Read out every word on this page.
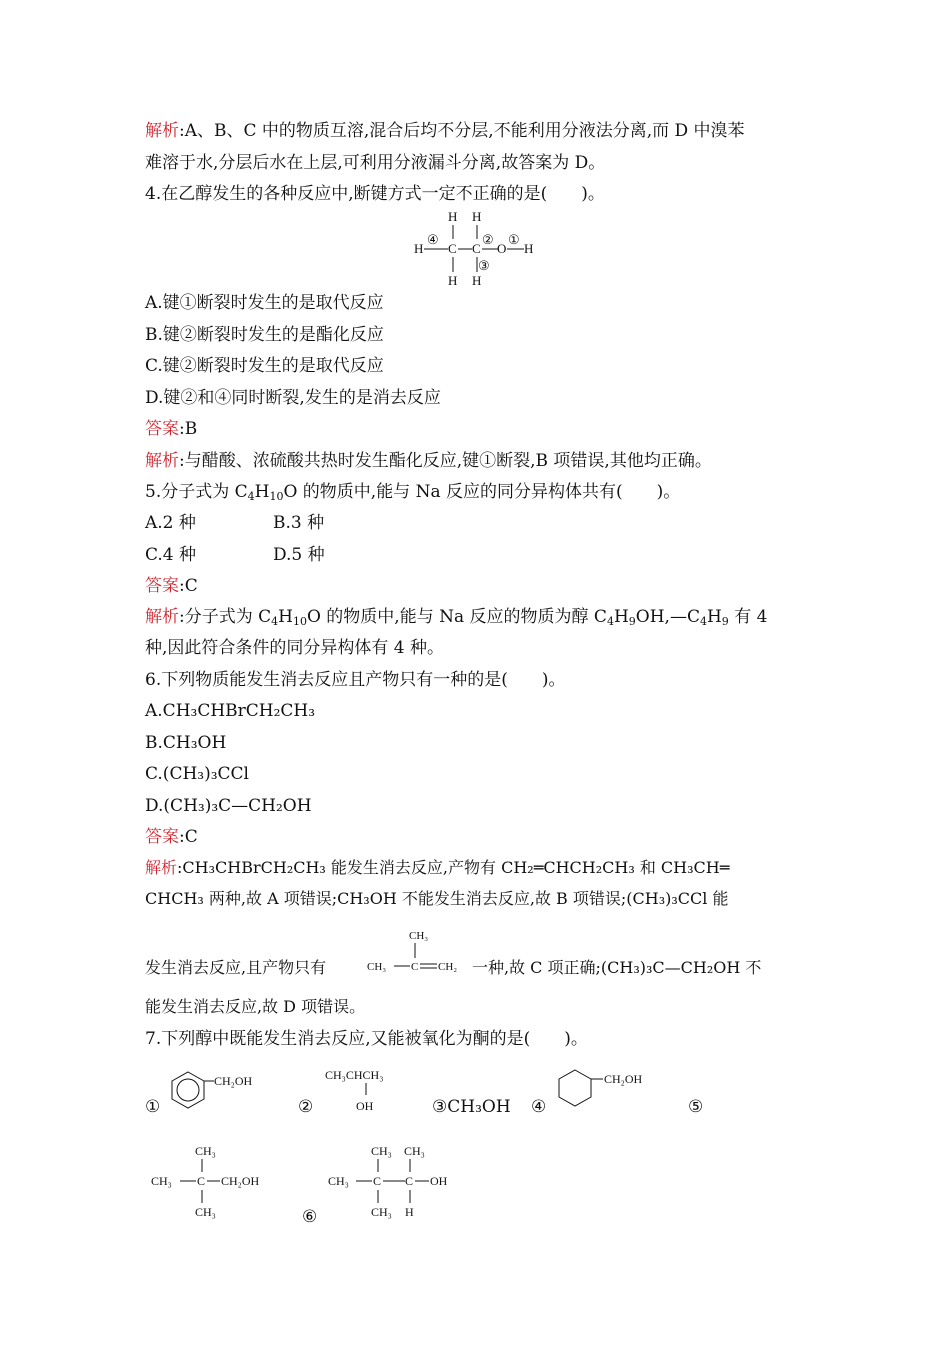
解析:A、B、C 中的物质互溶,混合后均不分层,不能利用分液法分离,而 D 中溴苯
难溶于水,分层后水在上层,可利用分液漏斗分离,故答案为 D。
4.在乙醇发生的各种反应中,断键方式一定不正确的是(　　)。
H H
H
④
C C
②
O
①
H
③
H H
A.键①断裂时发生的是取代反应
B.键②断裂时发生的是酯化反应
C.键②断裂时发生的是取代反应
D.键②和④同时断裂,发生的是消去反应
答案:B
解析:与醋酸、浓硫酸共热时发生酯化反应,键①断裂,B 项错误,其他均正确。
5.分子式为 $C_4H_{10}O$ 的物质中,能与 Na 反应的同分异构体共有(　　)。
A.2 种	B.3 种
C.4 种	D.5 种
答案:C
解析:分子式为 $C_4H_{10}O$ 的物质中,能与 Na 反应的物质为醇 $C_4H_9OH,—C_4H_9$ 有 4
种,因此符合条件的同分异构体有 4 种。
6.下列物质能发生消去反应且产物只有一种的是(　　)。
A.CH₃CHBrCH₂CH₃
B.CH₃OH
C.(CH₃)₃CCl
D.(CH₃)₃C—CH₂OH
答案:C
解析:CH₃CHBrCH₂CH₃ 能发生消去反应,产物有 CH₂═CHCH₂CH₃ 和 CH₃CH═
CHCH₃ 两种,故 A 项错误;CH₃OH 不能发生消去反应,故 B 项错误;(CH₃)₃CCl 能
发生消去反应,且产物只有
CH₃
CH₃ C CH₂ 一种,故 C 项正确;(CH₃)₃C—CH₂OH 不
能发生消去反应,故 D 项错误。
7.下列醇中既能发生消去反应,又能被氧化为酮的是(　　)。
①
CH₂OH
②
CH₃CHCH₃
OH	③CH₃OH ④
CH₂OH
⑤
CH₃
CH₃ C CH₂OH
CH₃	⑥
CH₃ CH₃
CH₃ C C OH
CH₃ H
